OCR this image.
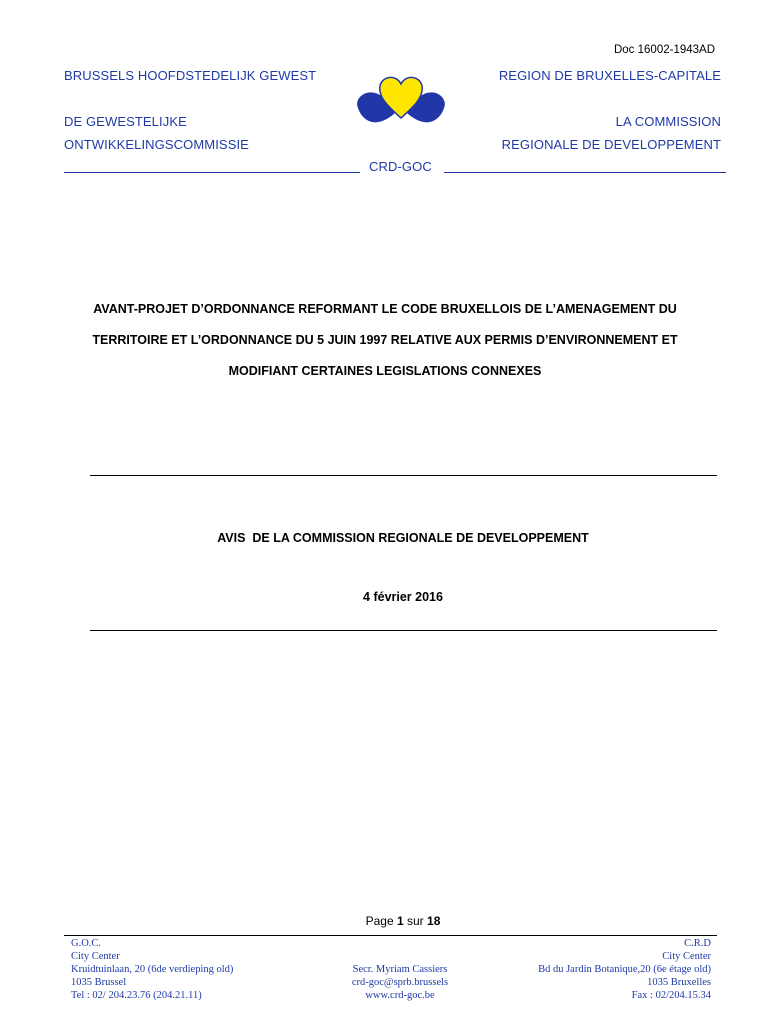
Doc 16002-1943AD
BRUSSELS HOOFDSTEDELIJK GEWEST	REGION DE BRUXELLES-CAPITALE
DE GEWESTELIJKE
ONTWIKKELINGSCOMMISSIE
LA COMMISSION
REGIONALE DE DEVELOPPEMENT
CRD-GOC
AVANT-PROJET D’ORDONNANCE REFORMANT LE CODE BRUXELLOIS DE L’AMENAGEMENT DU
TERRITOIRE ET L’ORDONNANCE DU 5 JUIN 1997 RELATIVE AUX PERMIS D’ENVIRONNEMENT ET
MODIFIANT CERTAINES LEGISLATIONS CONNEXES
AVIS  DE LA COMMISSION REGIONALE DE DEVELOPPEMENT
4 février 2016
Page 1 sur 18
G.O.C.
City Center
Kruidtuinlaan, 20 (6de verdieping old)
1035 Brussel
Tel : 02/ 204.23.76 (204.21.11)
Secr. Myriam Cassiers
crd-goc@sprb.brussels
www.crd-goc.be
C.R.D
City Center
Bd du Jardin Botanique,20 (6e étage old)
1035 Bruxelles
Fax : 02/204.15.34
